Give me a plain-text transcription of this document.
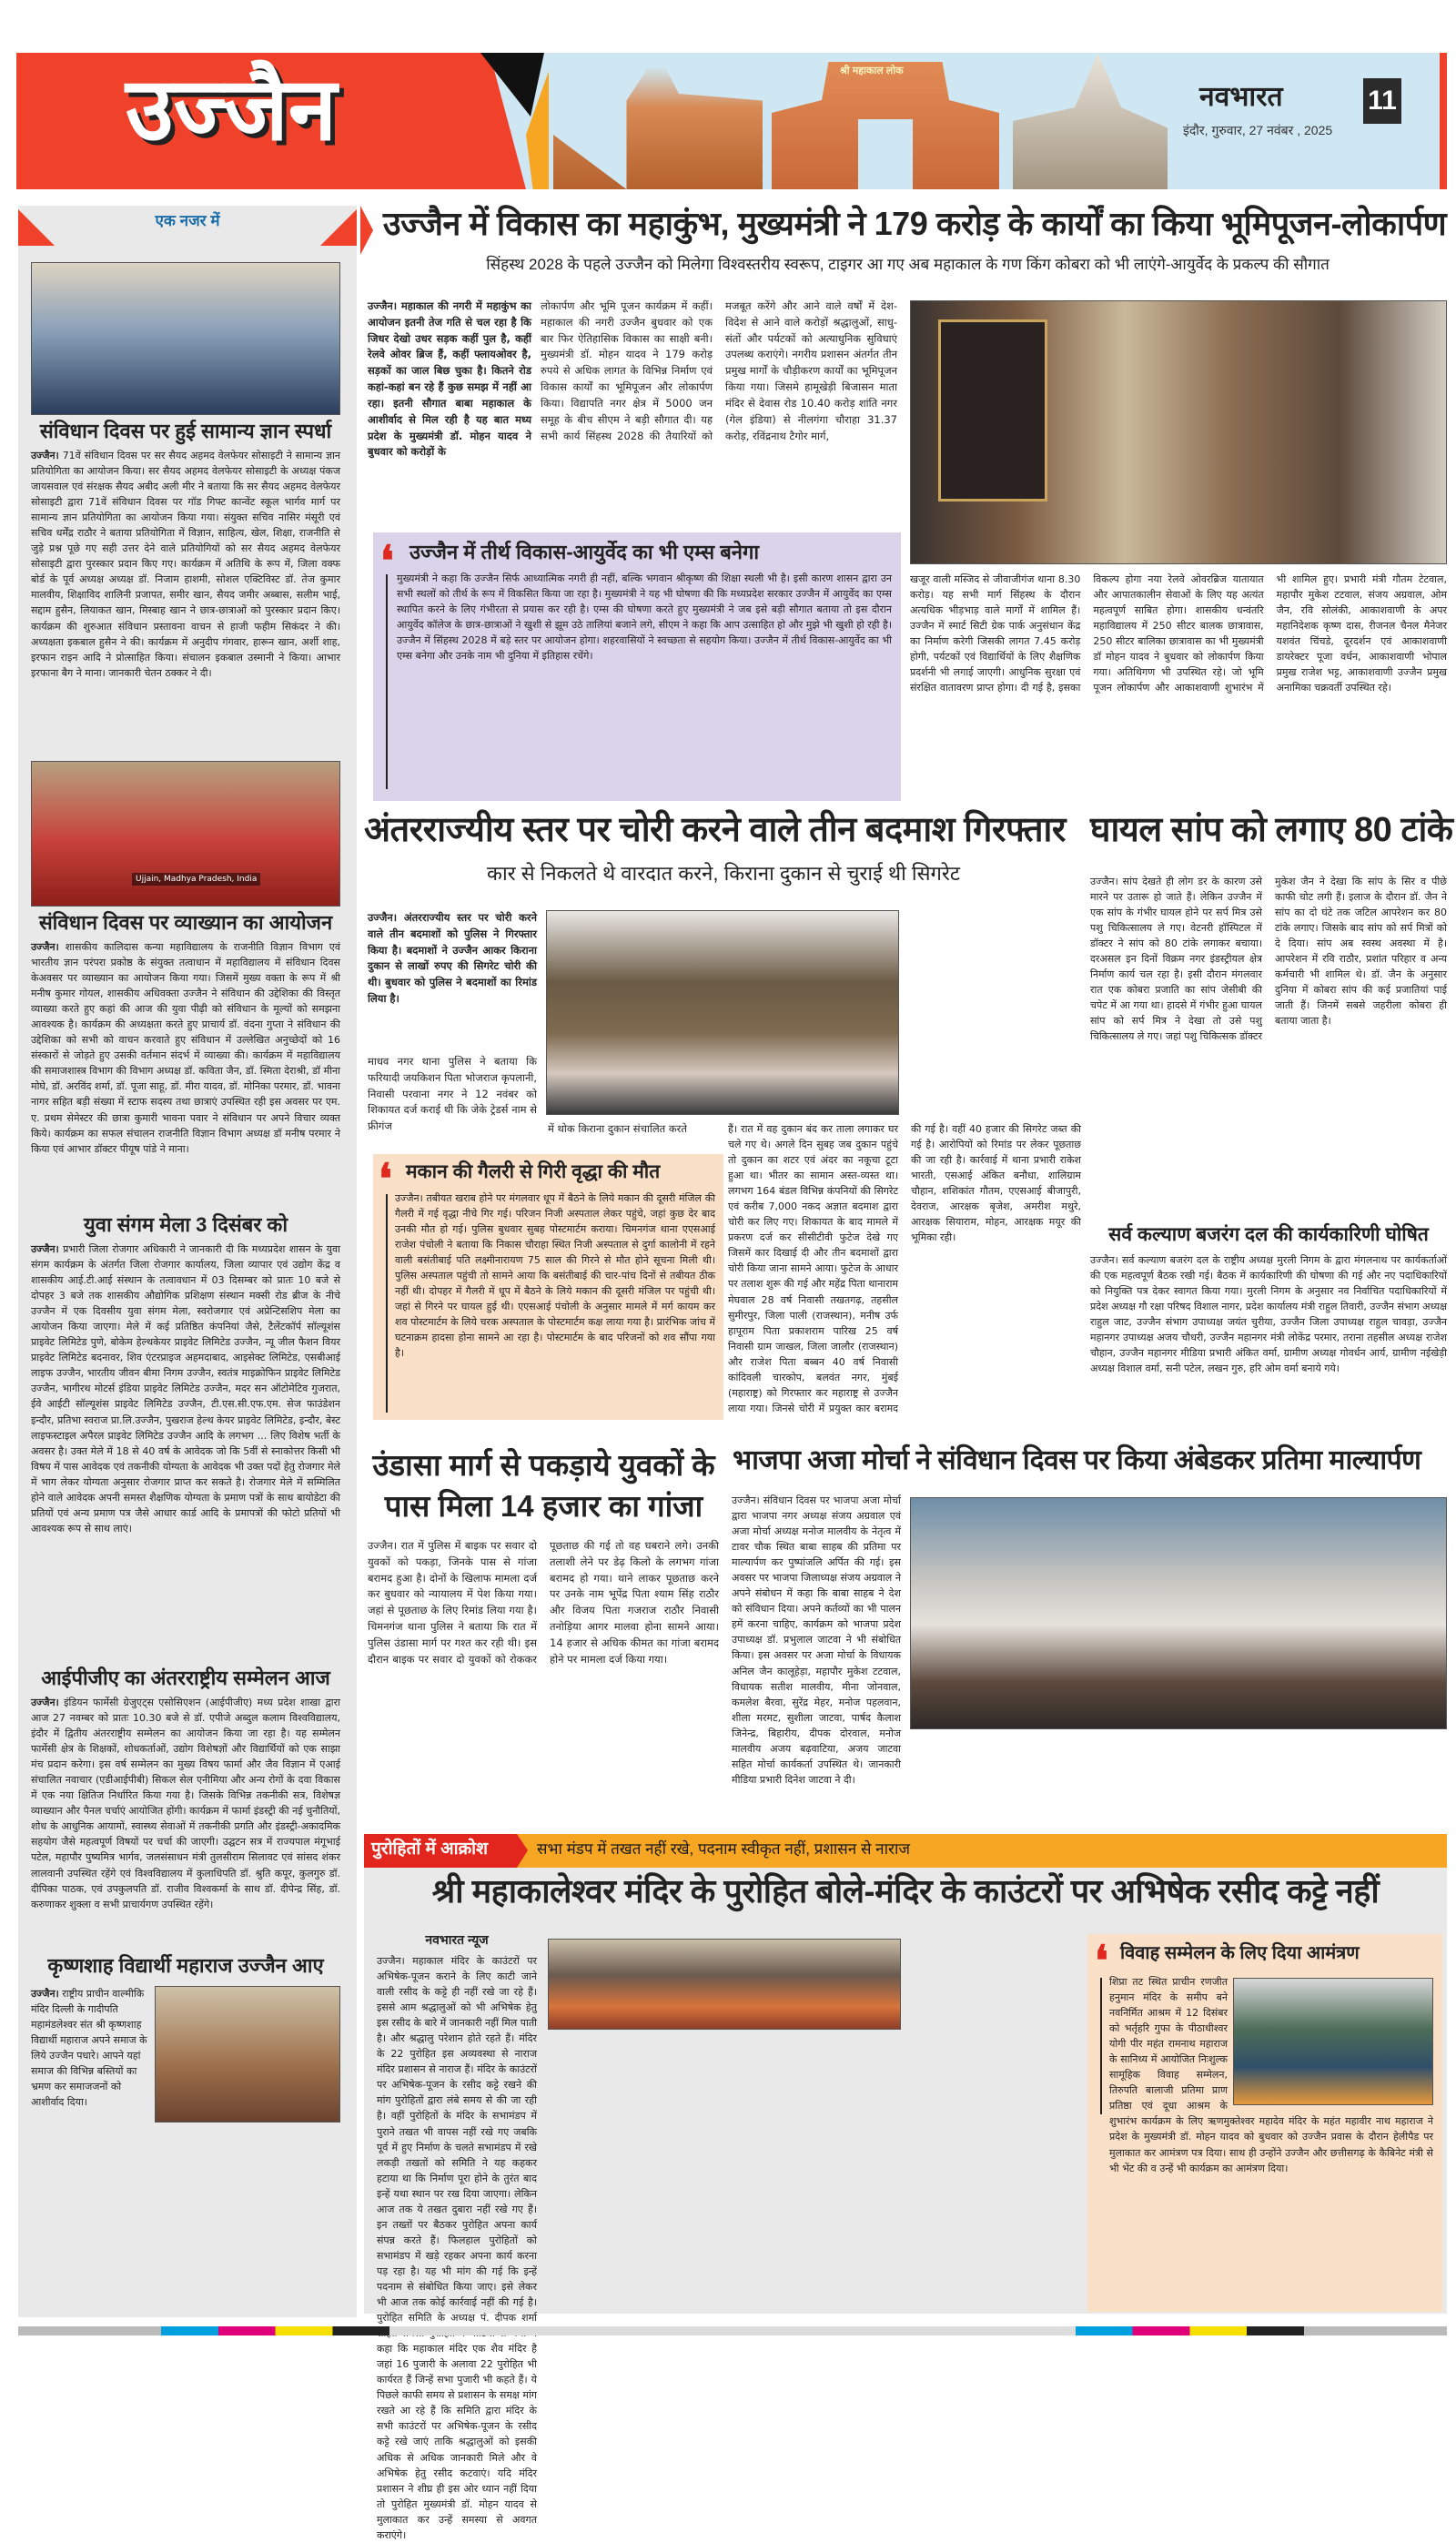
उज्जैन	श्री महाकाल लोक
नवभारत	11
इंदौर, गुरुवार, 27 नवंबर , 2025
एक नजर में
संविधान दिवस पर हुई सामान्य ज्ञान स्पर्धा
उज्जैन। 71वें संविधान दिवस पर सर सैयद अहमद वेलफेयर सोसाइटी ने सामान्य ज्ञान प्रतियोगिता का आयोजन किया। सर सैयद अहमद वेलफेयर सोसाइटी के अध्यक्ष पंकज जायसवाल एवं संरक्षक सैयद अबीद अली मीर ने बताया कि सर सैयद अहमद वेलफेयर सोसाइटी द्वारा 71वें संविधान दिवस पर गॉड गिफ्ट कान्वेंट स्कूल भार्गव मार्ग पर सामान्य ज्ञान प्रतियोगिता का आयोजन किया गया। संयुक्त सचिव नासिर मंसूरी एवं सचिव धर्मेंद्र राठौर ने बताया प्रतियोगिता में विज्ञान, साहित्य, खेल, शिक्षा, राजनीति से जुड़े प्रश्न पूछे गए सही उत्तर देने वाले प्रतियोगियों को सर सैयद अहमद वेलफेयर सोसाइटी द्वारा पुरस्कार प्रदान किए गए। कार्यक्रम में अतिथि के रूप में, जिला वक्फ बोर्ड के पूर्व अध्यक्ष अध्यक्ष डॉ. निजाम हाशमी, सोशल एक्टिविस्ट डॉ. तेज कुमार मालवीय, शिक्षाविद शालिनी प्रजापत, समीर खान, सैयद जमीर अब्बास, सलीम भाई, सद्दाम हुसैन, लियाकत खान, मिस्बाह खान ने छात्र-छात्राओं को पुरस्कार प्रदान किए। कार्यक्रम की शुरुआत संविधान प्रस्तावना वाचन से हाजी फहीम सिकंदर ने की। अध्यक्षता इकबाल हुसैन ने की। कार्यक्रम में अनुदीप गंगवार, हारून खान, अर्शी शाह, इरफान राइन आदि ने प्रोत्साहित किया। संचालन इकबाल उस्मानी ने किया। आभार इरफाना बैग ने माना। जानकारी चेतन ठक्कर ने दी।
Ujjain, Madhya Pradesh, India
संविधान दिवस पर व्याख्यान का आयोजन
उज्जैन। शासकीय कालिदास कन्या महाविद्यालय के राजनीति विज्ञान विभाग एवं भारतीय ज्ञान परंपरा प्रकोष्ठ के संयुक्त तत्वाधान में महाविद्यालय में संविधान दिवस केअवसर पर व्याख्यान का आयोजन किया गया। जिसमें मुख्य वक्ता के रूप में श्री मनीष कुमार गोयल, शासकीय अधिवक्ता उज्जैन ने संविधान की उद्देशिका की विस्तृत व्याख्या करते हुए कहां की आज की युवा पीढ़ी को संविधान के मूल्यों को समझना आवश्यक है। कार्यक्रम की अध्यक्षता करते हुए प्राचार्य डॉ. वंदना गुप्ता ने संविधान की उद्देशिका को सभी को वाचन करवाते हुए संविधान में उल्लेखित अनुच्छेदों को 16 संस्कारों से जोड़ते हुए उसकी वर्तमान संदर्भ में व्याख्या की। कार्यक्रम में महाविद्यालय की समाजशास्त्र विभाग की विभाग अध्यक्ष डॉ. कविता जैन, डॉ. स्मिता देराश्री, डॉ मीना मोघे, डॉ. अरविंद शर्मा, डॉ. पूजा साहू, डॉ. मीरा यादव, डॉ. मोनिका परमार, डॉ. भावना नागर सहित बड़ी संख्या में स्टाफ सदस्य तथा छात्राएं उपस्थित रही इस अवसर पर एम. ए. प्रथम सेमेस्टर की छात्रा कुमारी भावना पवार ने संविधान पर अपने विचार व्यक्त किये। कार्यक्रम का सफल संचालन राजनीति विज्ञान विभाग अध्यक्ष डॉ मनीष परमार ने किया एवं आभार डॉक्टर पीयूष पांडे ने माना।
युवा संगम मेला 3 दिसंबर को
उज्जैन। प्रभारी जिला रोजगार अधिकारी ने जानकारी दी कि मध्यप्रदेश शासन के युवा संगम कार्यक्रम के अंतर्गत जिला रोजगार कार्यालय, जिला व्यापार एवं उद्योग केंद्र व शासकीय आई.टी.आई संस्थान के तत्वावधान में 03 दिसम्बर को प्रातः 10 बजे से दोपहर 3 बजे तक शासकीय औद्योगिक प्रशिक्षण संस्थान मक्सी रोड ब्रीज के नीचे उज्जैन में एक दिवसीय युवा संगम मेला, स्वरोजगार एवं अप्रेन्टिसशिप मेला का आयोजन किया जाएगा। मेले में कई प्रतिष्ठित कंपनियां जैसे, टैलेंटकॉर्प सॉल्यूशंस प्राइवेट लिमिटेड पुणे, बोकेम हेल्थकेयर प्राइवेट लिमिटेड उज्जैन, न्यू जील फैशन वियर प्राइवेट लिमिटेड बदनावर, शिव एंटरप्राइज अहमदाबाद, आइसेक्ट लिमिटेड, एसबीआई लाइफ उज्जैन, भारतीय जीवन बीमा निगम उज्जैन, स्वतंत्र माइक्रोफिन प्राइवेट लिमिटेड उज्जैन, भागीरथ मोटर्स इंडिया प्राइवेट लिमिटेड उज्जैन, मदर सन ऑटोमेटिव गुजरात, ईवे आईटी सॉल्यूशंस प्राइवेट लिमिटेड उज्जैन, टी.एस.सी.एफ.एम. सेज फाउंडेशन इन्दौर, प्रतिभा स्वराज प्रा.लि.उज्जैन, पुखराज हेल्थ केयर प्राइवेट लिमिटेड, इन्दौर, बेस्ट लाइफस्टाइल अपैरल प्राइवेट लिमिटेड उज्जैन आदि के लगभग ... लिए विशेष भर्ती के अवसर है। उक्त मेले में 18 से 40 वर्ष के आवेदक जो कि 5वीं से स्नाकोत्तर किसी भी विषय में पास आवेदक एवं तकनीकी योग्यता के आवेदक भी उक्त पदों हेतु रोजगार मेले में भाग लेकर योग्यता अनुसार रोजगार प्राप्त कर सकते है। रोजगार मेले में सम्मिलित होने वाले आवेदक अपनी समस्त शैक्षणिक योग्यता के प्रमाण पत्रों के साथ बायोडेटा की प्रतियों एवं अन्य प्रमाण पत्र जैसे आधार कार्ड आदि के प्रमापत्रों की फोटो प्रतियों भी आवश्यक रूप से साथ लाएं।
आईपीजीए का अंतरराष्ट्रीय सम्मेलन आज
उज्जैन। इंडियन फार्मेसी ग्रेजुएट्स एसोसिएशन (आईपीजीए) मध्य प्रदेश शाखा द्वारा आज 27 नवम्बर को प्रातः 10.30 बजे से डॉ. एपीजे अब्दुल कलाम विश्वविद्यालय, इंदौर में द्वितीय अंतरराष्ट्रीय सम्मेलन का आयोजन किया जा रहा है। यह सम्मेलन फार्मेसी क्षेत्र के शिक्षकों, शोधकर्ताओं, उद्योग विशेषज्ञों और विद्यार्थियों को एक साझा मंच प्रदान करेगा। इस वर्ष सम्मेलन का मुख्य विषय फार्मा और जैव विज्ञान में एआई संचालित नवाचार (एडीआईपीबी) सिकल सेल एनीमिया और अन्य रोगों के दवा विकास में एक नया क्षितिज निर्धारित किया गया है। जिसके विभिन्न तकनीकी सत्र, विशेषज्ञ व्याख्यान और पैनल चर्चाएं आयोजित होंगी। कार्यक्रम में फार्मा इंडस्ट्री की नई चुनौतियों, शोध के आधुनिक आयामों, स्वास्थ्य सेवाओं में तकनीकी प्रगति और इंडस्ट्री-अकादमिक सहयोग जैसे महत्वपूर्ण विषयों पर चर्चा की जाएगी। उद्घटन सत्र में राज्यपाल मंगूभाई पटेल, महापौर पुष्यमित्र भार्गव, जलसंसाधन मंत्री तुलसीराम सिलावट एवं सांसद शंकर लालवानी उपस्थित रहेंगे एवं विश्वविद्यालय में कुलाधिपति डॉ. श्रुति कपूर, कुलगुरु डॉ. दीपिका पाठक, एवं उपकुलपति डॉ. राजीव विश्वकर्मा के साथ डॉ. दीपेन्द्र सिंह, डॉ. करुणाकर शुक्ला व सभी प्राचार्यगण उपस्थित रहेंगे।
कृष्णशाह विद्यार्थी महाराज उज्जैन आए
उज्जैन। राष्ट्रीय प्राचीन वाल्मीकि मंदिर दिल्ली के गादीपति महामंडलेश्वर संत श्री कृष्णशाह विद्यार्थी महाराज अपने समाज के लिये उज्जैन पधारे। आपने यहां समाज की विभिन्न बस्तियों का भ्रमण कर समाजजनों को आशीर्वाद दिया।
उज्जैन में विकास का महाकुंभ, मुख्यमंत्री ने 179 करोड़ के कार्यों का किया भूमिपूजन-लोकार्पण
सिंहस्थ 2028 के पहले उज्जैन को मिलेगा विश्वस्तरीय स्वरूप, टाइगर आ गए अब महाकाल के गण किंग कोबरा को भी लाएंगे-आयुर्वेद के प्रकल्प की सौगात
उज्जैन। महाकाल की नगरी में महाकुंभ का आयोजन इतनी तेज गति से चल रहा है कि जिधर देखो उधर सड़क कहीं पुल है, कहीं रेलवे ओवर ब्रिज हैं, कहीं फ्लायओवर है, सड़कों का जाल बिछ चुका है। कितने रोड कहां-कहां बन रहे हैं कुछ समझ में नहीं आ रहा। इतनी सौगात बाबा महाकाल के आशीर्वाद से मिल रही है यह बात मध्य प्रदेश के मुख्यमंत्री डॉ. मोहन यादव ने बुधवार को करोड़ों के
लोकार्पण और भूमि पूजन कार्यक्रम में कहीं। महाकाल की नगरी उज्जैन बुधवार को एक बार फिर ऐतिहासिक विकास का साक्षी बनी। मुख्यमंत्री डॉ. मोहन यादव ने 179 करोड़ रुपये से अधिक लागत के विभिन्न निर्माण एवं विकास कार्यों का भूमिपूजन और लोकार्पण किया। विद्यापति नगर क्षेत्र में 5000 जन समूह के बीच सीएम ने बड़ी सौगात दी। यह सभी कार्य सिंहस्थ 2028 की तैयारियों को मजबूत करेंगे और आने वाले वर्षों में देश-विदेश से आने वाले करोड़ों श्रद्धालुओं, साधु-संतों और पर्यटकों को अत्याधुनिक सुविधाएं उपलब्ध कराएंगे। नगरीय प्रशासन अंतर्गत तीन प्रमुख मार्गों के चौड़ीकरण कार्यों का भूमिपूजन किया गया। जिसमे हामूखेड़ी बिजासन माता मंदिर से देवास रोड 10.40 करोड़ शांति नगर (गेल इंडिया) से नीलगंगा चौराहा 31.37 करोड़, रविंद्रनाथ टैगोर मार्ग,
खजूर वाली मस्जिद से जीवाजीगंज थाना 8.30 करोड़। यह सभी मार्ग सिंहस्थ के दौरान अत्यधिक भीड़भाड़ वाले मार्गों में शामिल हैं। उज्जैन में स्मार्ट सिटी ग्रेक पार्क अनुसंधान केंद्र का निर्माण करेगी जिसकी लागत 7.45 करोड़ होगी, पर्यटकों एवं विद्यार्थियों के लिए शैक्षणिक प्रदर्शनी भी लगाई जाएगी। आधुनिक सुरक्षा एवं संरक्षित वातावरण प्राप्त होगा। दी गई है, इसका विकल्प होगा नया रेलवे ओवरब्रिज यातायात और आपातकालीन सेवाओं के लिए यह अत्यंत महत्वपूर्ण साबित होगा। शासकीय धन्वंतरि महाविद्यालय में 250 सीटर बालक छात्रावास, 250 सीटर बालिका छात्रावास का भी मुख्यमंत्री डॉ मोहन यादव ने बुधवार को लोकार्पण किया गया। अतिथिगण भी उपस्थित रहे। जो भूमि पूजन लोकार्पण और आकाशवाणी शुभारंभ में भी शामिल हुए। प्रभारी मंत्री गौतम टेटवाल, महापौर मुकेश टटवाल, संजय अग्रवाल, ओम जैन, रवि सोलंकी, आकाशवाणी के अपर महानिदेशक कृष्ण दास, रीजनल चैनल मैनेजर यशवंत चिंचडे, दूरदर्शन एवं आकाशवाणी डायरेक्टर पूजा वर्धन, आकाशवाणी भोपाल प्रमुख राजेश भट्ट, आकाशवाणी उज्जैन प्रमुख अनामिका चक्रवर्ती उपस्थित रहे।
❛ उज्जैन में तीर्थ विकास-आयुर्वेद का भी एम्स बनेगा
मुख्यमंत्री ने कहा कि उज्जैन सिर्फ आध्यात्मिक नगरी ही नहीं, बल्कि भगवान श्रीकृष्ण की शिक्षा स्थली भी है। इसी कारण शासन द्वारा उन सभी स्थलों को तीर्थ के रूप में विकसित किया जा रहा है। मुख्यमंत्री ने यह भी घोषणा की कि मध्यप्रदेश सरकार उज्जैन में आयुर्वेद का एम्स स्थापित करने के लिए गंभीरता से प्रयास कर रही है। एम्स की घोषणा करते हुए मुख्यमंत्री ने जब इसे बड़ी सौगात बताया तो इस दौरान आयुर्वेद कॉलेज के छात्र-छात्राओं ने खुशी से झूम उठे तालियां बजाने लगे, सीएम ने कहा कि आप उत्साहित हो और मुझे भी खुशी हो रही है। उज्जैन में सिंहस्थ 2028 में बड़े स्तर पर आयोजन होगा। शहरवासियों ने स्वच्छता से सहयोग किया। उज्जैन में तीर्थ विकास-आयुर्वेद का भी एम्स बनेगा और उनके नाम भी दुनिया में इतिहास रचेंगे।
अंतरराज्यीय स्तर पर चोरी करने वाले तीन बदमाश गिरफ्तार
कार से निकलते थे वारदात करने, किराना दुकान से चुराई थी सिगरेट
उज्जैन। अंतरराज्यीय स्तर पर चोरी करने वाले तीन बदमाशों को पुलिस ने गिरफ्तार किया है। बदमाशों ने उज्जैन आकर किराना दुकान से लाखों रुपए की सिगरेट चोरी की थी। बुधवार को पुलिस ने बदमाशों का रिमांड लिया है।
माधव नगर थाना पुलिस ने बताया कि फरियादी जयकिशन पिता भोजराज कृपलानी, निवासी परवाना नगर ने 12 नवंबर को शिकायत दर्ज कराई थी कि जेके ट्रेडर्स नाम से फ्रीगंज	में थोक किराना दुकान संचालित करते	हैं। रात में वह दुकान बंद कर ताला लगाकर घर चले गए थे। अगले दिन सुबह जब दुकान पहुंचे तो दुकान का शटर एवं अंदर का नकूचा टूटा हुआ था। भीतर का सामान अस्त-व्यस्त था। लगभग 164 बंडल विभिन्न कंपनियों की सिगरेट एवं करीब 7,000 नकद अज्ञात बदमाश द्वारा चोरी कर लिए गए। शिकायत के बाद मामले में प्रकरण दर्ज कर सीसीटीवी फुटेज देखे गए जिसमें कार दिखाई दी और तीन बदमाशों द्वारा चोरी किया जाना सामने आया। फुटेज के आधार पर तलाश शुरू की गई और महेंद्र पिता थानाराम मेघवाल 28 वर्ष निवासी तखतगढ़, तहसील सुमीरपुर, जिला पाली (राजस्थान), मनीष उर्फ हापूराम पिता प्रकाशराम पारिख 25 वर्ष निवासी ग्राम जाखल, जिला जालौर (राजस्थान) और राजेश पिता बब्बन 40 वर्ष निवासी कांदिवली चारकोप, बलवंत नगर, मुंबई (महाराष्ट्र) को गिरफ्तार कर महाराष्ट्र से उज्जैन लाया गया। जिनसे चोरी में प्रयुक्त कार बरामद की गई है। वहीं 40 हजार की सिगरेट जब्त की गई है। आरोपियों को रिमांड पर लेकर पूछताछ की जा रही है। कार्रवाई में थाना प्रभारी राकेश भारती, एसआई अंकित बनौधा, शालिग्राम चौहान, शशिकांत गौतम, एएसआई बीजापुरी, देवराज, आरक्षक बृजेश, अमरीश मथुरे, आरक्षक सियाराम, मोहन, आरक्षक मयूर की भूमिका रही।
❛ मकान की गैलरी से गिरी वृद्धा की मौत
उज्जैन। तबीयत खराब होने पर मंगलवार धूप में बैठने के लिये मकान की दूसरी मंजिल की गैलरी में गई वृद्धा नीचे गिर गई। परिजन निजी अस्पताल लेकर पहुंचे, जहां कुछ देर बाद उनकी मौत हो गई। पुलिस बुधवार सुबह पोस्टमार्टम कराया। चिमनगंज थाना एएसआई राजेश पंचोली ने बताया कि निकास चौराहा स्थित निजी अस्पताल से दुर्गा कालोनी में रहने वाली बसंतीबाई पति लक्ष्मीनारायण 75 साल की गिरने से मौत होने सूचना मिली थी। पुलिस अस्पताल पहुंची तो सामने आया कि बसंतीबाई की चार-पांच दिनों से तबीयत ठीक नहीं थी। दोपहर में गैलरी में धूप में बैठने के लिये मकान की दूसरी मंजिल पर पहुंची थी। जहां से गिरने पर घायल हुई थी। एएसआई पंचोली के अनुसार मामले में मर्ग कायम कर शव पोस्टमार्टम के लिये चरक अस्पताल के पोस्टमार्टम कक्ष लाया गया है। प्रारंभिक जांच में घटनाक्रम हादसा होना सामने आ रहा है। पोस्टमार्टम के बाद परिजनों को शव सौंपा गया है।
घायल सांप को लगाए 80 टांके
उज्जैन। सांप देखते ही लोग डर के कारण उसे मारने पर उतारू हो जाते हैं। लेकिन उज्जैन में एक सांप के गंभीर घायल होने पर सर्प मित्र उसे पशु चिकित्सालय ले गए। वेटनरी हॉस्पिटल में डॉक्टर ने सांप को 80 टांके लगाकर बचाया। दरअसल इन दिनों विक्रम नगर इंडस्ट्रीयल क्षेत्र निर्माण कार्य चल रहा है। इसी दौरान मंगलवार रात एक कोबरा प्रजाति का सांप जेसीबी की चपेट में आ गया था। हादसे में गंभीर हुआ घायल सांप को सर्प मित्र ने देखा तो उसे पशु चिकित्सालय ले गए। जहां पशु चिकित्सक डॉक्टर मुकेश जैन ने देखा कि सांप के सिर व पीछे काफी चोट लगी हैं। इलाज के दौरान डॉ. जैन ने सांप का दो घंटे तक जटिल आपरेशन कर 80 टांके लगाए। जिसके बाद सांप को सर्प मित्रों को दे दिया। सांप अब स्वस्थ अवस्था में है। आपरेशन में रवि राठौर, प्रशांत परिहार व अन्य कर्मचारी भी शामिल थे। डॉ. जैन के अनुसार दुनिया में कोबरा सांप की कई प्रजातियां पाई जाती हैं। जिनमें सबसे जहरीला कोबरा ही बताया जाता है।
सर्व कल्याण बजरंग दल की कार्यकारिणी घोषित
उज्जैन। सर्व कल्याण बजरंग दल के राष्ट्रीय अध्यक्ष मुरली निगम के द्वारा मंगलनाथ पर कार्यकर्ताओं की एक महत्वपूर्ण बैठक रखी गई। बैठक में कार्यकारिणी की घोषणा की गई और नए पदाधिकारियों को नियुक्ति पत्र देकर स्वागत किया गया। मुरली निगम के अनुसार नव निर्वाचित पदाधिकारियों में प्रदेश अध्यक्ष गौ रक्षा परिषद विशाल नागर, प्रदेश कार्यालय मंत्री राहुल तिवारी, उज्जैन संभाग अध्यक्ष राहुल जाट, उज्जैन संभाग उपाध्यक्ष जयंत चुरीया, उज्जैन जिला उपाध्यक्ष राहुल चावड़ा, उज्जैन महानगर उपाध्यक्ष अजय चौधरी, उज्जैन महानगर मंत्री लोकेंद्र परमार, तराना तहसील अध्यक्ष राजेश चौहान, उज्जैन महानगर मीडिया प्रभारी अंकित वर्मा, ग्रामीण अध्यक्ष गोवर्धन आर्य, ग्रामीण नईखेड़ी अध्यक्ष विशाल वर्मा, सनी पटेल, लखन गुरु, हरि ओम वर्मा बनाये गये।
उंडासा मार्ग से पकड़ाये युवकों के पास मिला 14 हजार का गांजा
उज्जैन। रात में पुलिस में बाइक पर सवार दो युवकों को पकड़ा, जिनके पास से गांजा बरामद हुआ है। दोनों के खिलाफ मामला दर्ज कर बुधवार को न्यायालय में पेश किया गया। जहां से पूछताछ के लिए रिमांड लिया गया है। चिमनगंज थाना पुलिस ने बताया कि रात में पुलिस उंडासा मार्ग पर गश्त कर रही थी। इस दौरान बाइक पर सवार दो युवकों को रोककर पूछताछ की गई तो वह घबराने लगे। उनकी तलाशी लेने पर डेढ़ किलो के लगभग गांजा बरामद हो गया। थाने लाकर पूछताछ करने पर उनके नाम भूपेंद्र पिता श्याम सिंह राठौर और विजय पिता गजराज राठौर निवासी तनोड़िया आगर मालवा होना सामने आया। 14 हजार से अधिक कीमत का गांजा बरामद होने पर मामला दर्ज किया गया।
भाजपा अजा मोर्चा ने संविधान दिवस पर किया अंबेडकर प्रतिमा माल्यार्पण
उज्जैन। संविधान दिवस पर भाजपा अजा मोर्चा द्वारा भाजपा नगर अध्यक्ष संजय अग्रवाल एवं अजा मोर्चा अध्यक्ष मनोज मालवीय के नेतृत्व में टावर चौक स्थित बाबा साहब की प्रतिमा पर माल्यार्पण कर पुष्पांजलि अर्पित की गई। इस अवसर पर भाजपा जिलाध्यक्ष संजय अग्रवाल ने अपने संबोधन में कहा कि बाबा साहब ने देश को संविधान दिया। अपने कर्तव्यों का भी पालन हमें करना चाहिए, कार्यक्रम को भाजपा प्रदेश उपाध्यक्ष डॉ. प्रभुलाल जाटवा ने भी संबोधित किया। इस अवसर पर अजा मोर्चा के विधायक अनिल जैन कालूहेड़ा, महापौर मुकेश टटवाल, विधायक सतीश मालवीय, मीना जोनवाल, कमलेश बैरवा, सुरेंद्र मेहर, मनोज पहलवान, शीला मरमट, सुशीला जाटवा, पार्षद कैलाश जिनेन्द्र, बिहारीय, दीपक दोरवाल, मनोज मालवीय अजय बढ़वाटिया, अजय जाटवा सहित मोर्चा कार्यकर्ता उपस्थित थे। जानकारी मीडिया प्रभारी दिनेश जाटवा ने दी।
पुरोहितों में आक्रोश	सभा मंडप में तखत नहीं रखे, पदनाम स्वीकृत नहीं, प्रशासन से नाराज
श्री महाकालेश्वर मंदिर के पुरोहित बोले-मंदिर के काउंटरों पर अभिषेक रसीद कट्टे नहीं
नवभारत न्यूज
उज्जैन। महाकाल मंदिर के काउंटरों पर अभिषेक-पूजन कराने के लिए काटी जाने वाली रसीद के कट्टे ही नहीं रखे जा रहे हैं। इससे आम श्रद्धालुओं को भी अभिषेक हेतु इस रसीद के बारे में जानकारी नहीं मिल पाती है। और श्रद्धालु परेशान होते रहते हैं। मंदिर के 22 पुरोहित इस अव्यवस्था से नाराज मंदिर प्रशासन से नाराज हैं। मंदिर के काउंटरों पर अभिषेक-पूजन के रसीद कट्टे रखने की मांग पुरोहितों द्वारा लंबे समय से की जा रही है। वहीं पुरोहितों के मंदिर के सभामंडप में पुराने तखत भी वापस नहीं रखे गए जबकि पूर्व में हुए निर्माण के चलते सभामंडप में रखे लकड़ी तखतों को समिति ने यह कहकर हटाया था कि निर्माण पूरा होने के तुरंत बाद इन्हें यथा स्थान पर रख दिया जाएगा। लेकिन आज तक ये तखत दुबारा नहीं रखे गए हैं। इन तख्तों पर बैठकर पुरोहित अपना कार्य संपन्न करते हैं। फिलहाल पुरोहितों को सभामंडप में खड़े रहकर अपना कार्य करना पड़ रहा है। यह भी मांग की गई कि इन्हें पदनाम से संबोधित किया जाए। इसे लेकर भी आज तक कोई कार्रवाई नहीं की गई है। पुरोहित समिति के अध्यक्ष पं. दीपक शर्मा कहा कि महाकाल मंदिर एक शैव मंदिर है जहां 16 पुजारी के अलावा 22 पुरोहित भी कार्यरत हैं जिन्हें सभा पुजारी भी कहते हैं। ये पिछले काफी समय से प्रशासन के समक्ष मांग रखते आ रहे हैं कि समिति द्वारा मंदिर के सभी काउंटरों पर अभिषेक-पूजन के रसीद कट्टे रखे जाएं ताकि श्रद्धालुओं को इसकी अधिक से अधिक जानकारी मिले और वे अभिषेक हेतु रसीद कटवाएं। यदि मंदिर प्रशासन ने शीघ्र ही इस ओर ध्यान नहीं दिया तो पुरोहित मुख्यमंत्री डॉ. मोहन यादव से मुलाकात कर उन्हें समस्या से अवगत कराएंगे।
❛ विवाह सम्मेलन के लिए दिया आमंत्रण
शिप्रा तट स्थित प्राचीन रणजीत हनुमान मंदिर के समीप बने नवनिर्मित आश्रम में 12 दिसंबर को भर्तृहरि गुफा के पीठाधीश्वर योगी पीर महंत रामनाथ महाराज के सानिध्य में आयोजित निःशुल्क सामूहिक विवाह सम्मेलन, तिरुपति बालाजी प्रतिमा प्राण प्रतिष्ठा एवं दूधा आश्रम के शुभारंभ कार्यक्रम के लिए ऋणमुक्तेश्वर महादेव मंदिर के महंत महावीर नाथ महाराज ने प्रदेश के मुख्यमंत्री डॉ. मोहन यादव को बुधवार को उज्जैन प्रवास के दौरान हेलीपैड पर मुलाकात कर आमंत्रण पत्र दिया। साथ ही उन्होंने उज्जैन और छत्तीसगढ़ के कैबिनेट मंत्री से भी भेंट की व उन्हें भी कार्यक्रम का आमंत्रण दिया।
